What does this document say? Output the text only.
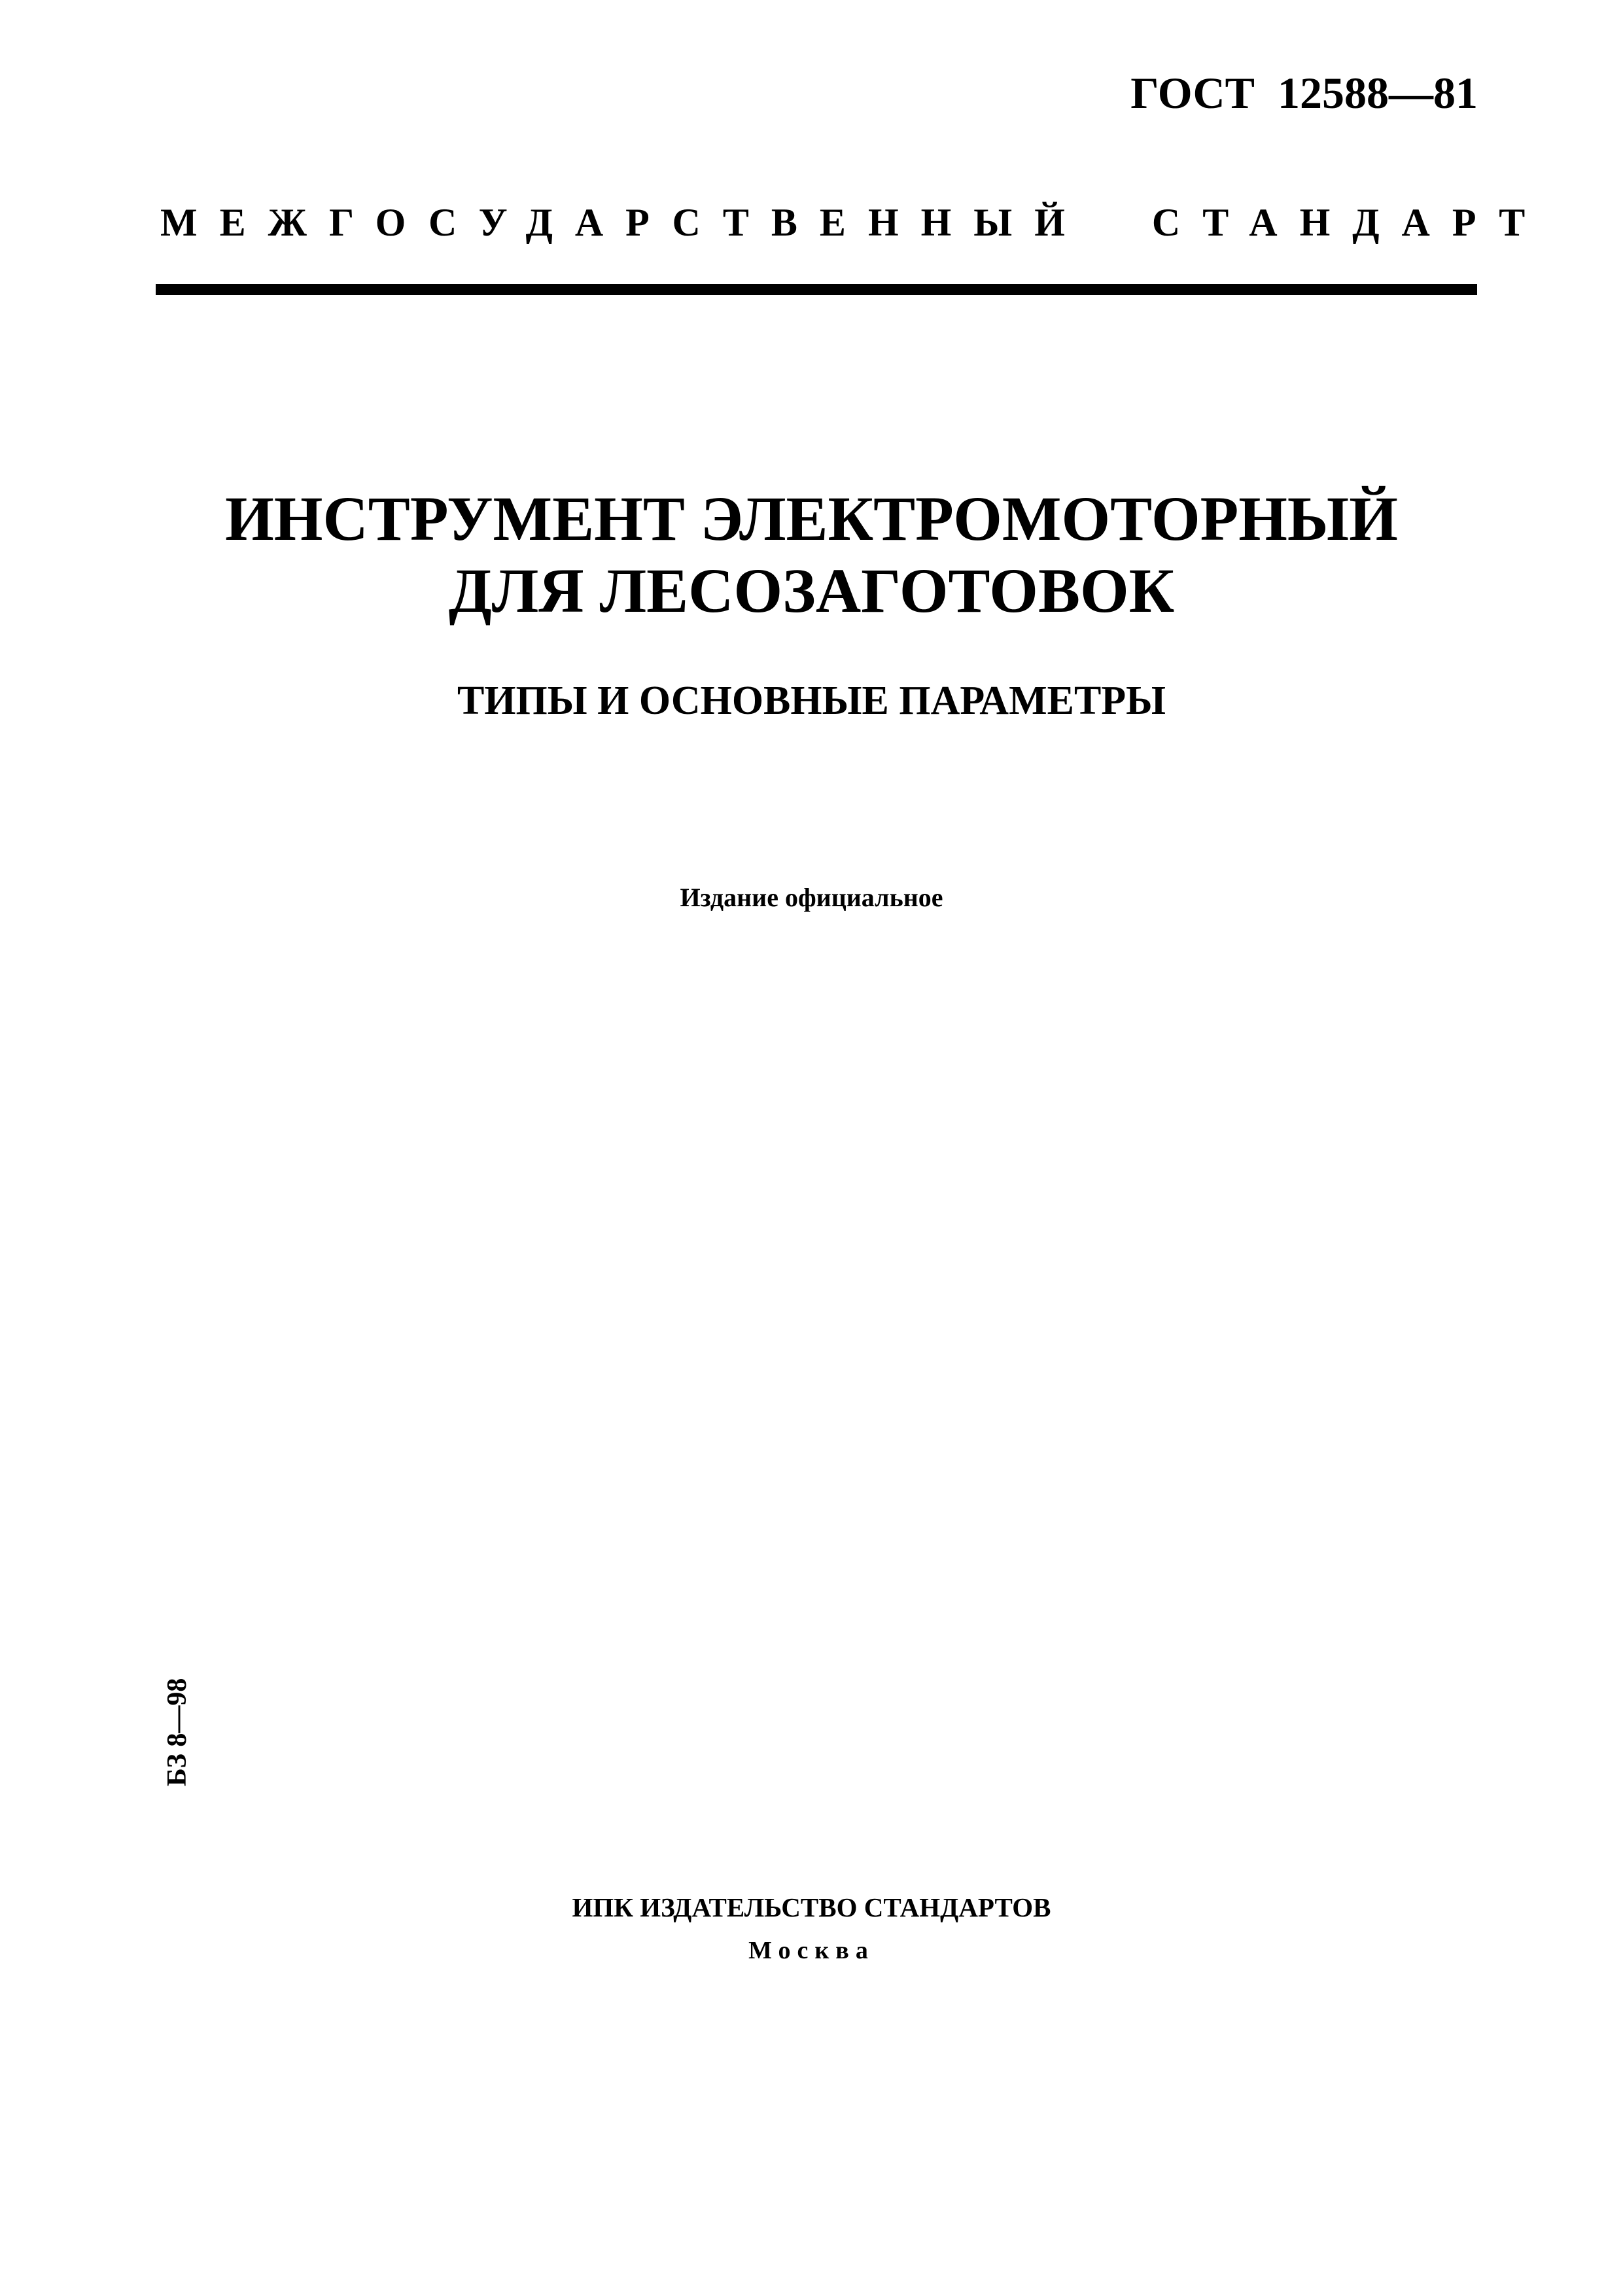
ГОСТ 12588—81
МЕЖГОСУДАРСТВЕННЫЙ СТАНДАРТ
ИНСТРУМЕНТ ЭЛЕКТРОМОТОРНЫЙ
ДЛЯ ЛЕСОЗАГОТОВОК
ТИПЫ И ОСНОВНЫЕ ПАРАМЕТРЫ
Издание официальное
БЗ 8—98
ИПК ИЗДАТЕЛЬСТВО СТАНДАРТОВ
Москва
